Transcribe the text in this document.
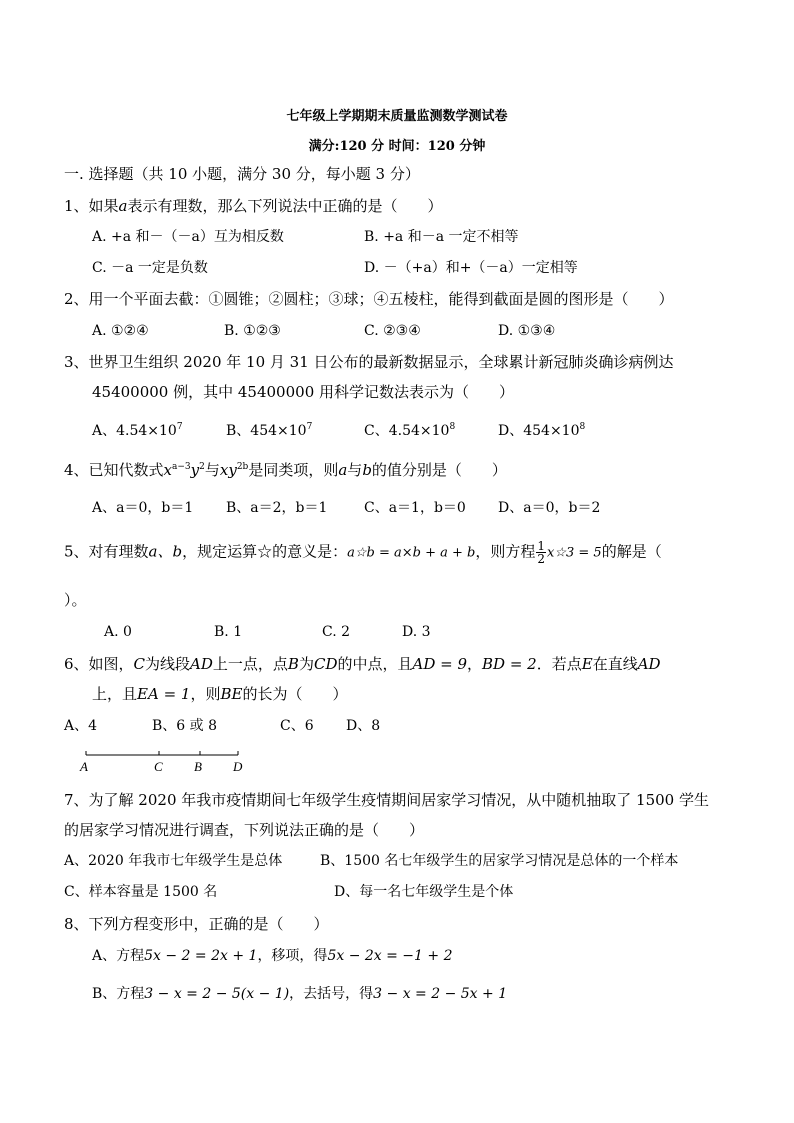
七年级上学期期末质量监测数学测试卷
满分:120 分 时间：120 分钟
一. 选择题（共 10 小题，满分 30 分，每小题 3 分）
1、如果a表示有理数，那么下列说法中正确的是（　　）
A. +a 和－（－a）互为相反数	B. +a 和－a 一定不相等
C. －a 一定是负数	D. －（+a）和+（－a）一定相等
2、用一个平面去截：①圆锥；②圆柱；③球；④五棱柱，能得到截面是圆的图形是（　　）
A. ①②④	B. ①②③	C. ②③④	D. ①③④
3、世界卫生组织 2020 年 10 月 31 日公布的最新数据显示，全球累计新冠肺炎确诊病例达
45400000 例，其中 45400000 用科学记数法表示为（　　）
A、$4.54\times 10^7$	B、$454\times 10^7$	C、$4.54\times 10^8$	D、$454\times 10^8$
4、已知代数式$x^{a-3}y^2$与$xy^{2b}$是同类项，则a与b的值分别是（　　）
A、a＝0，b＝1 B、a＝2，b＝1	C、a＝1，b＝0 D、a＝0，b＝2
5、对有理数a、b，规定运算☆的意义是：a☆b = a×b + a + b，则方程 $\frac{1}{2}$ x☆3 = 5的解是（
）。
A. 0	B. 1	C. 2	D. 3
6、如图，C为线段AD上一点，点B为CD的中点，且AD = 9，BD = 2．若点E在直线AD
上，且EA = 1，则BE的长为（　　）
A、4	B、6 或 8	C、6 D、8
A	C B D
7、为了解 2020 年我市疫情期间七年级学生疫情期间居家学习情况，从中随机抽取了 1500 学生
的居家学习情况进行调查，下列说法正确的是（　　）
A、2020 年我市七年级学生是总体	B、1500 名七年级学生的居家学习情况是总体的一个样本
C、样本容量是 1500 名	D、每一名七年级学生是个体
8、下列方程变形中，正确的是（　　）
A、方程5x − 2 = 2x + 1，移项，得5x − 2x = −1 + 2
B、方程3 − x = 2 − 5(x − 1)，去括号，得3 − x = 2 − 5x + 1
